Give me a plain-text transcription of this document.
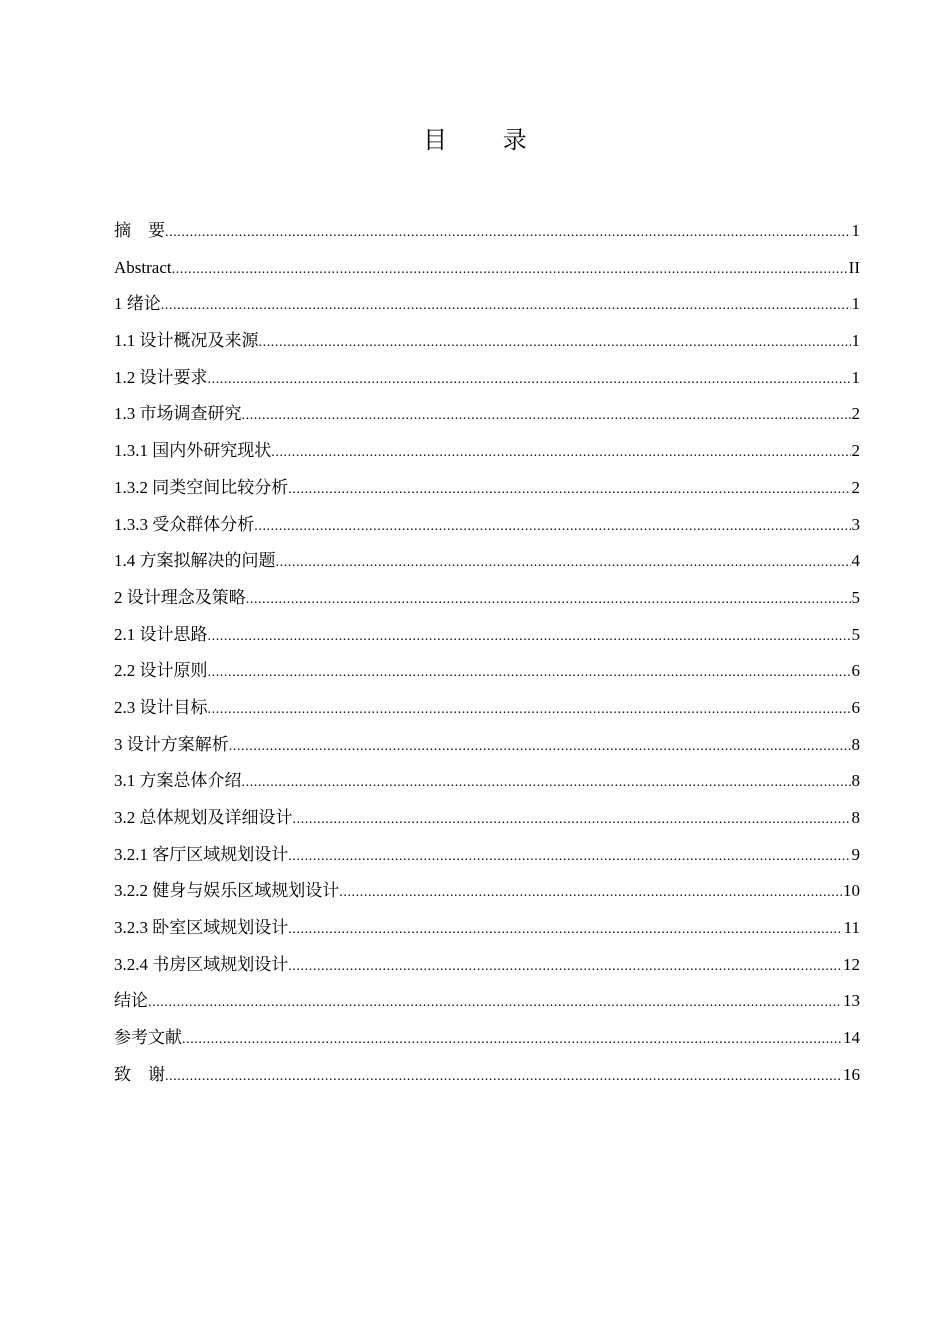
目 录
摘　要 .....	1
Abstract .....	II
1 绪论 .....	1
1.1 设计概况及来源 .....	1
1.2 设计要求 .....	1
1.3 市场调查研究 .....	2
1.3.1 国内外研究现状 .....	2
1.3.2 同类空间比较分析 .....	2
1.3.3 受众群体分析 .....	3
1.4 方案拟解决的问题 .....	4
2 设计理念及策略 .....	5
2.1 设计思路 .....	5
2.2 设计原则 .....	6
2.3 设计目标 .....	6
3 设计方案解析 .....	8
3.1 方案总体介绍 .....	8
3.2 总体规划及详细设计 .....	8
3.2.1 客厅区域规划设计 .....	9
3.2.2 健身与娱乐区域规划设计 .....	10
3.2.3 卧室区域规划设计 .....	11
3.2.4 书房区域规划设计 .....	12
结论 .....	13
参考文献 .....	14
致　谢 .....	16
